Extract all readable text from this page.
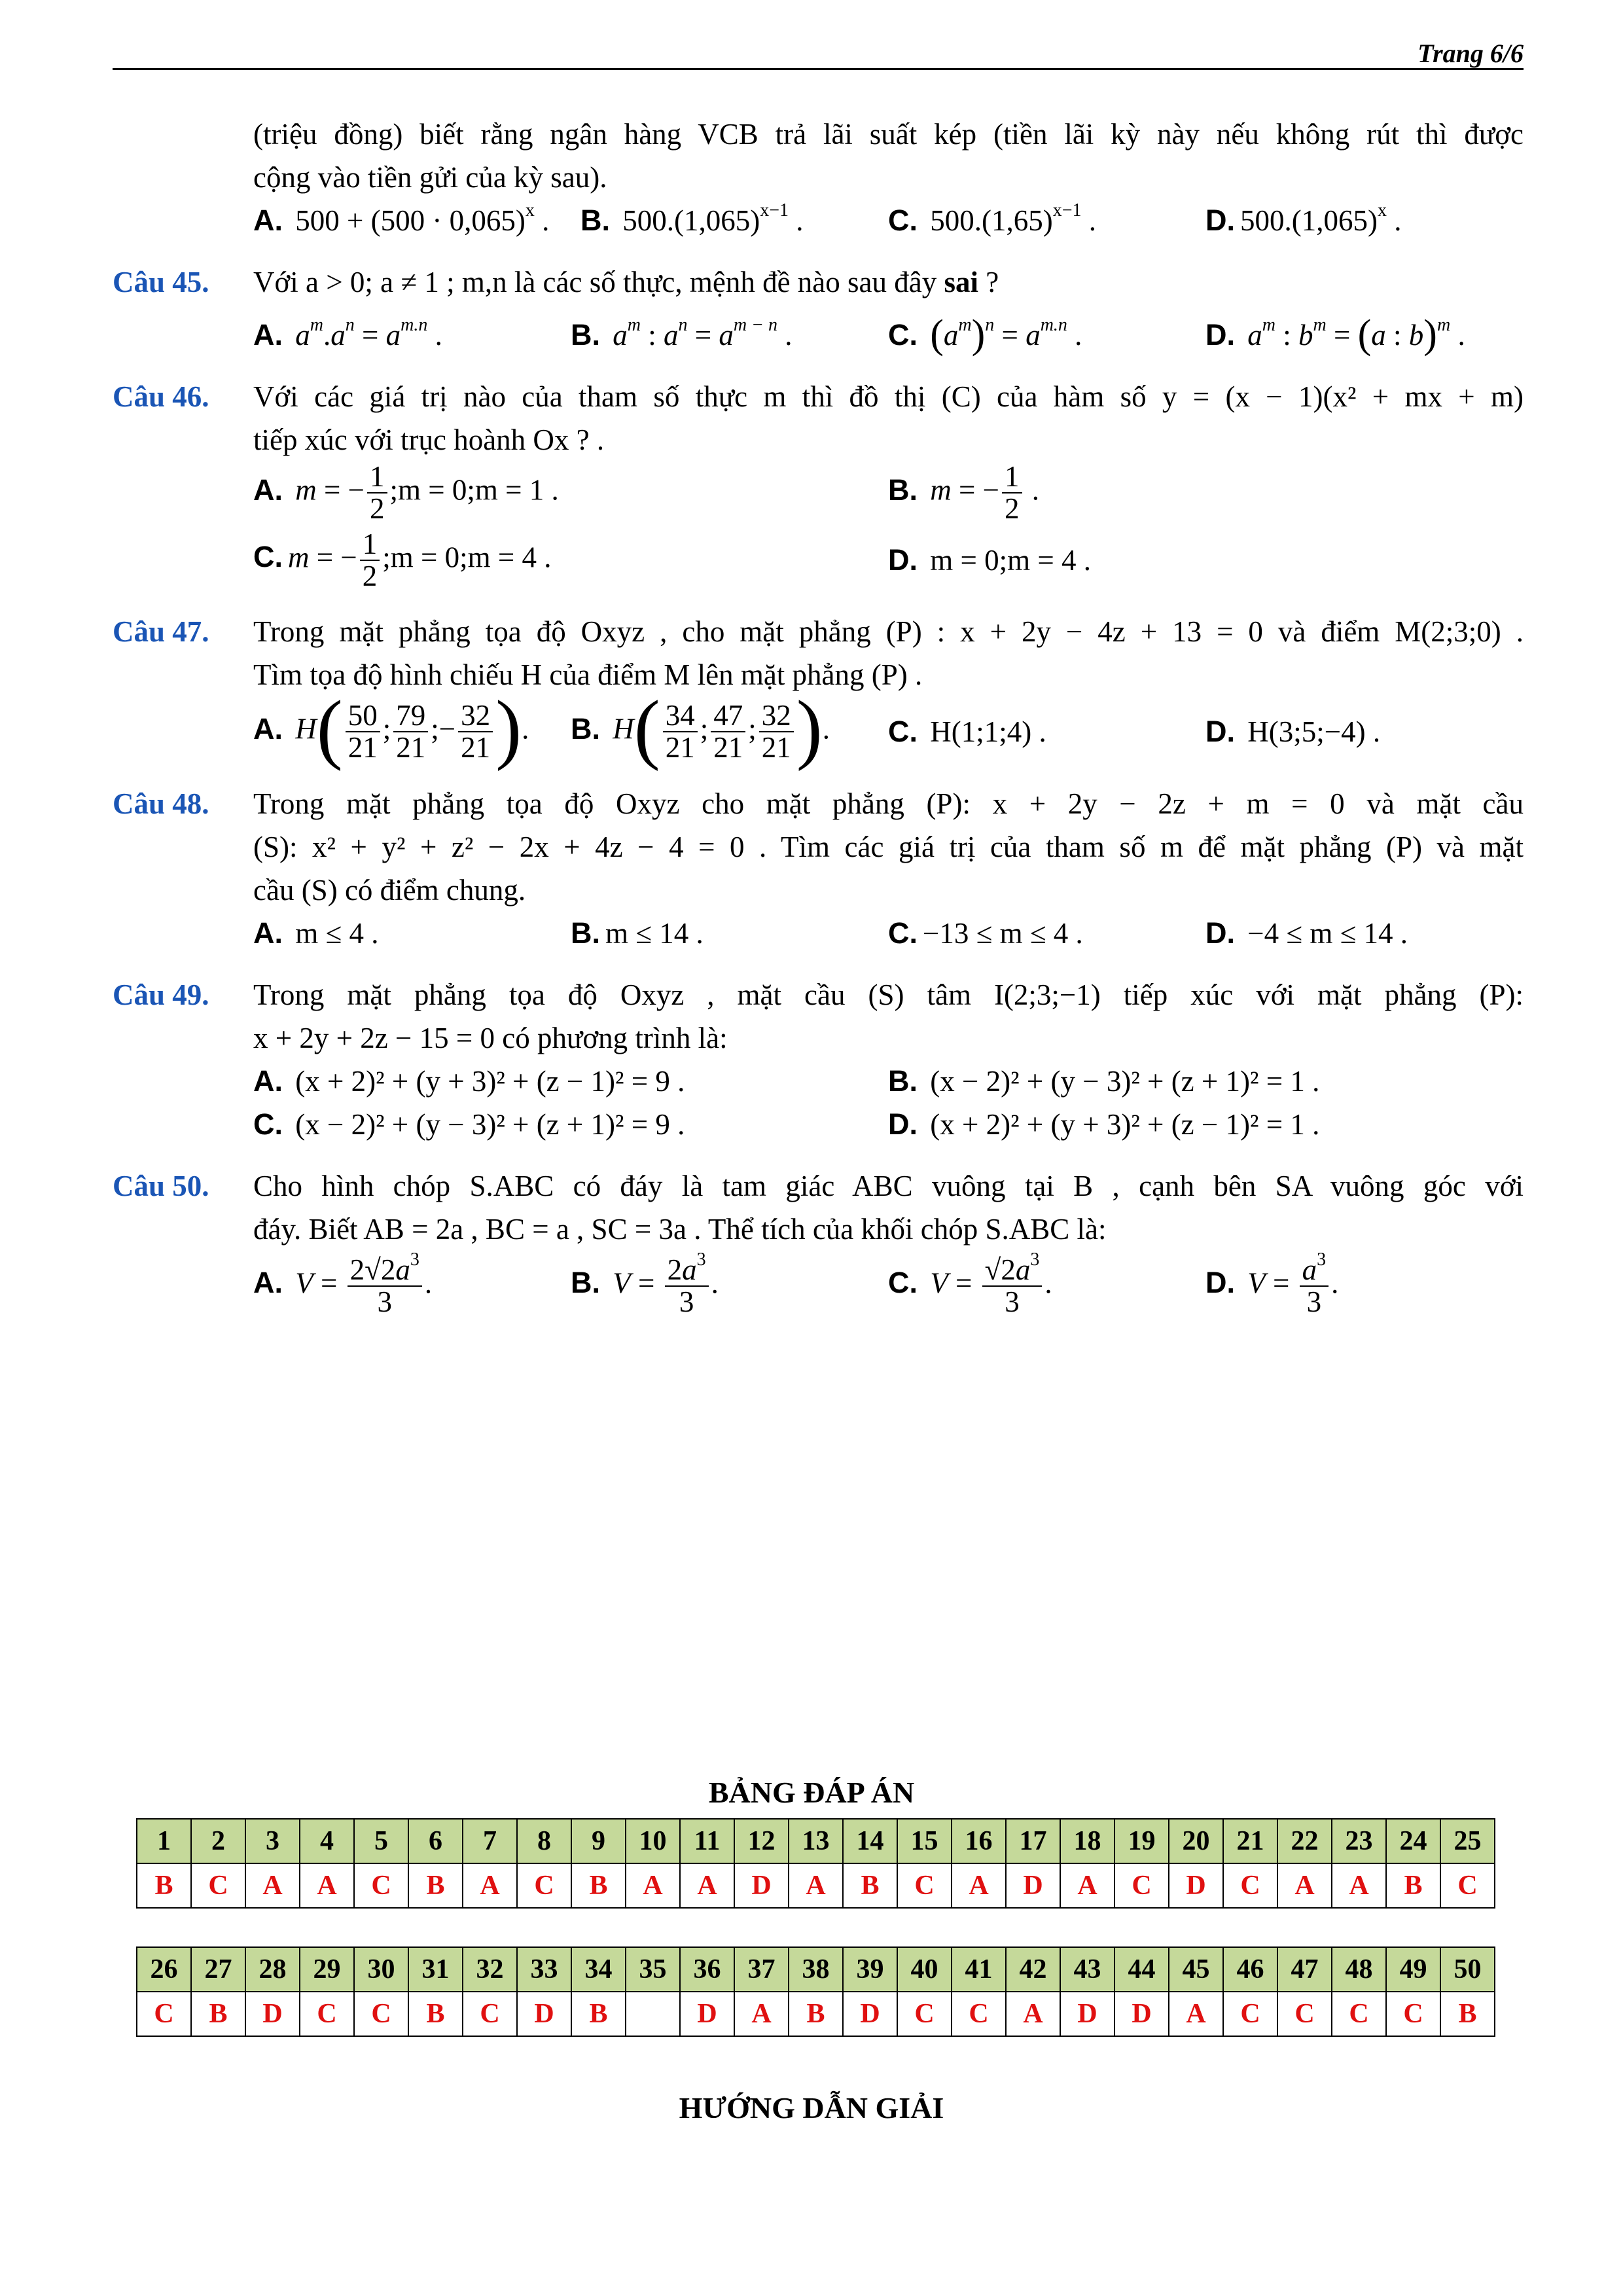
Trang 6/6
(triệu đồng) biết rằng ngân hàng VCB trả lãi suất kép (tiền lãi kỳ này nếu không rút thì được
cộng vào tiền gửi của kỳ sau).
A. $500 + (500 \cdot 0,065)^x$ .	B. $500.(1,065)^{x-1}$ .	C. $500.(1,65)^{x-1}$ .	D. $500.(1,065)^x$ .
Câu 45.	Với a > 0; a ≠ 1 ; m,n là các số thực, mệnh đề nào sau đây sai ?
A. $a^m.a^n = a^{m.n}$ .	B. $a^m$ : $a^n = a^{m - n}$ .	C. $(a^m)^n = a^{m.n}$ .	D. $a^m$ : $b^m = (a$ : b)$^m$ .
Câu 46.	Với các giá trị nào của tham số thực m thì đồ thị (C) của hàm số y = (x − 1)(x² + mx + m)
tiếp xúc với trục hoành Ox ? .
A. m = − $\frac{1}{2}$ ;m = 0;m = 1 .	B. m = − $\frac{1}{2}$ .
C. m = − $\frac{1}{2}$ ;m = 0;m = 4 .	D. m = 0;m = 4 .
Câu 47.	Trong mặt phẳng tọa độ Oxyz , cho mặt phẳng (P) : x + 2y − 4z + 13 = 0 và điểm M(2;3;0) .
Tìm tọa độ hình chiếu H của điểm M lên mặt phẳng (P) .
A. $H( \frac{50}{21}$ ; $\frac{79}{21}$ ;− $\frac{32}{21}$ ).	B. $H( \frac{34}{21}$ ; $\frac{47}{21}$ ; $\frac{32}{21}$ ).	C. H(1;1;4) .	D. H(3;5;−4) .
Câu 48.	Trong mặt phẳng tọa độ Oxyz cho mặt phẳng (P): x + 2y − 2z + m = 0 và mặt cầu
(S): x² + y² + z² − 2x + 4z − 4 = 0 . Tìm các giá trị của tham số m để mặt phẳng (P) và mặt
cầu (S) có điểm chung.
A. m ≤ 4 .	B. m ≤ 14 .	C. −13 ≤ m ≤ 4 .	D. −4 ≤ m ≤ 14 .
Câu 49.	Trong mặt phẳng tọa độ Oxyz , mặt cầu (S) tâm I(2;3;−1) tiếp xúc với mặt phẳng (P):
x + 2y + 2z − 15 = 0 có phương trình là:
A. (x + 2)² + (y + 3)² + (z − 1)² = 9 .	B. (x − 2)² + (y − 3)² + (z + 1)² = 1 .
C. (x − 2)² + (y − 3)² + (z + 1)² = 9 .	D. (x + 2)² + (y + 3)² + (z − 1)² = 1 .
Câu 50.	Cho hình chóp S.ABC có đáy là tam giác ABC vuông tại B , cạnh bên SA vuông góc với
đáy. Biết AB = 2a , BC = a , SC = 3a . Thể tích của khối chóp S.ABC là:
A. $V = \frac{2√2a^3}{3}$ .	B. $V = \frac{2a^3}{3}$ .	C. $V = \frac{√2a^3}{3}$ .	D. $V = \frac{a^3}{3}$ .
BẢNG ĐÁP ÁN
1	2	3	4	5	6	7	8	9	10	11	12	13	14	15	16	17	18	19	20	21	22	23	24	25
B	C	A	A	C	B	A	C	B	A	A	D	A	B	C	A	D	A	C	D	C	A	A	B	C
26	27	28	29	30	31	32	33	34	35	36	37	38	39	40	41	42	43	44	45	46	47	48	49	50
C	B	D	C	C	B	C	D	B		D	A	B	D	C	C	A	D	D	A	C	C	C	C	B
HƯỚNG DẪN GIẢI
